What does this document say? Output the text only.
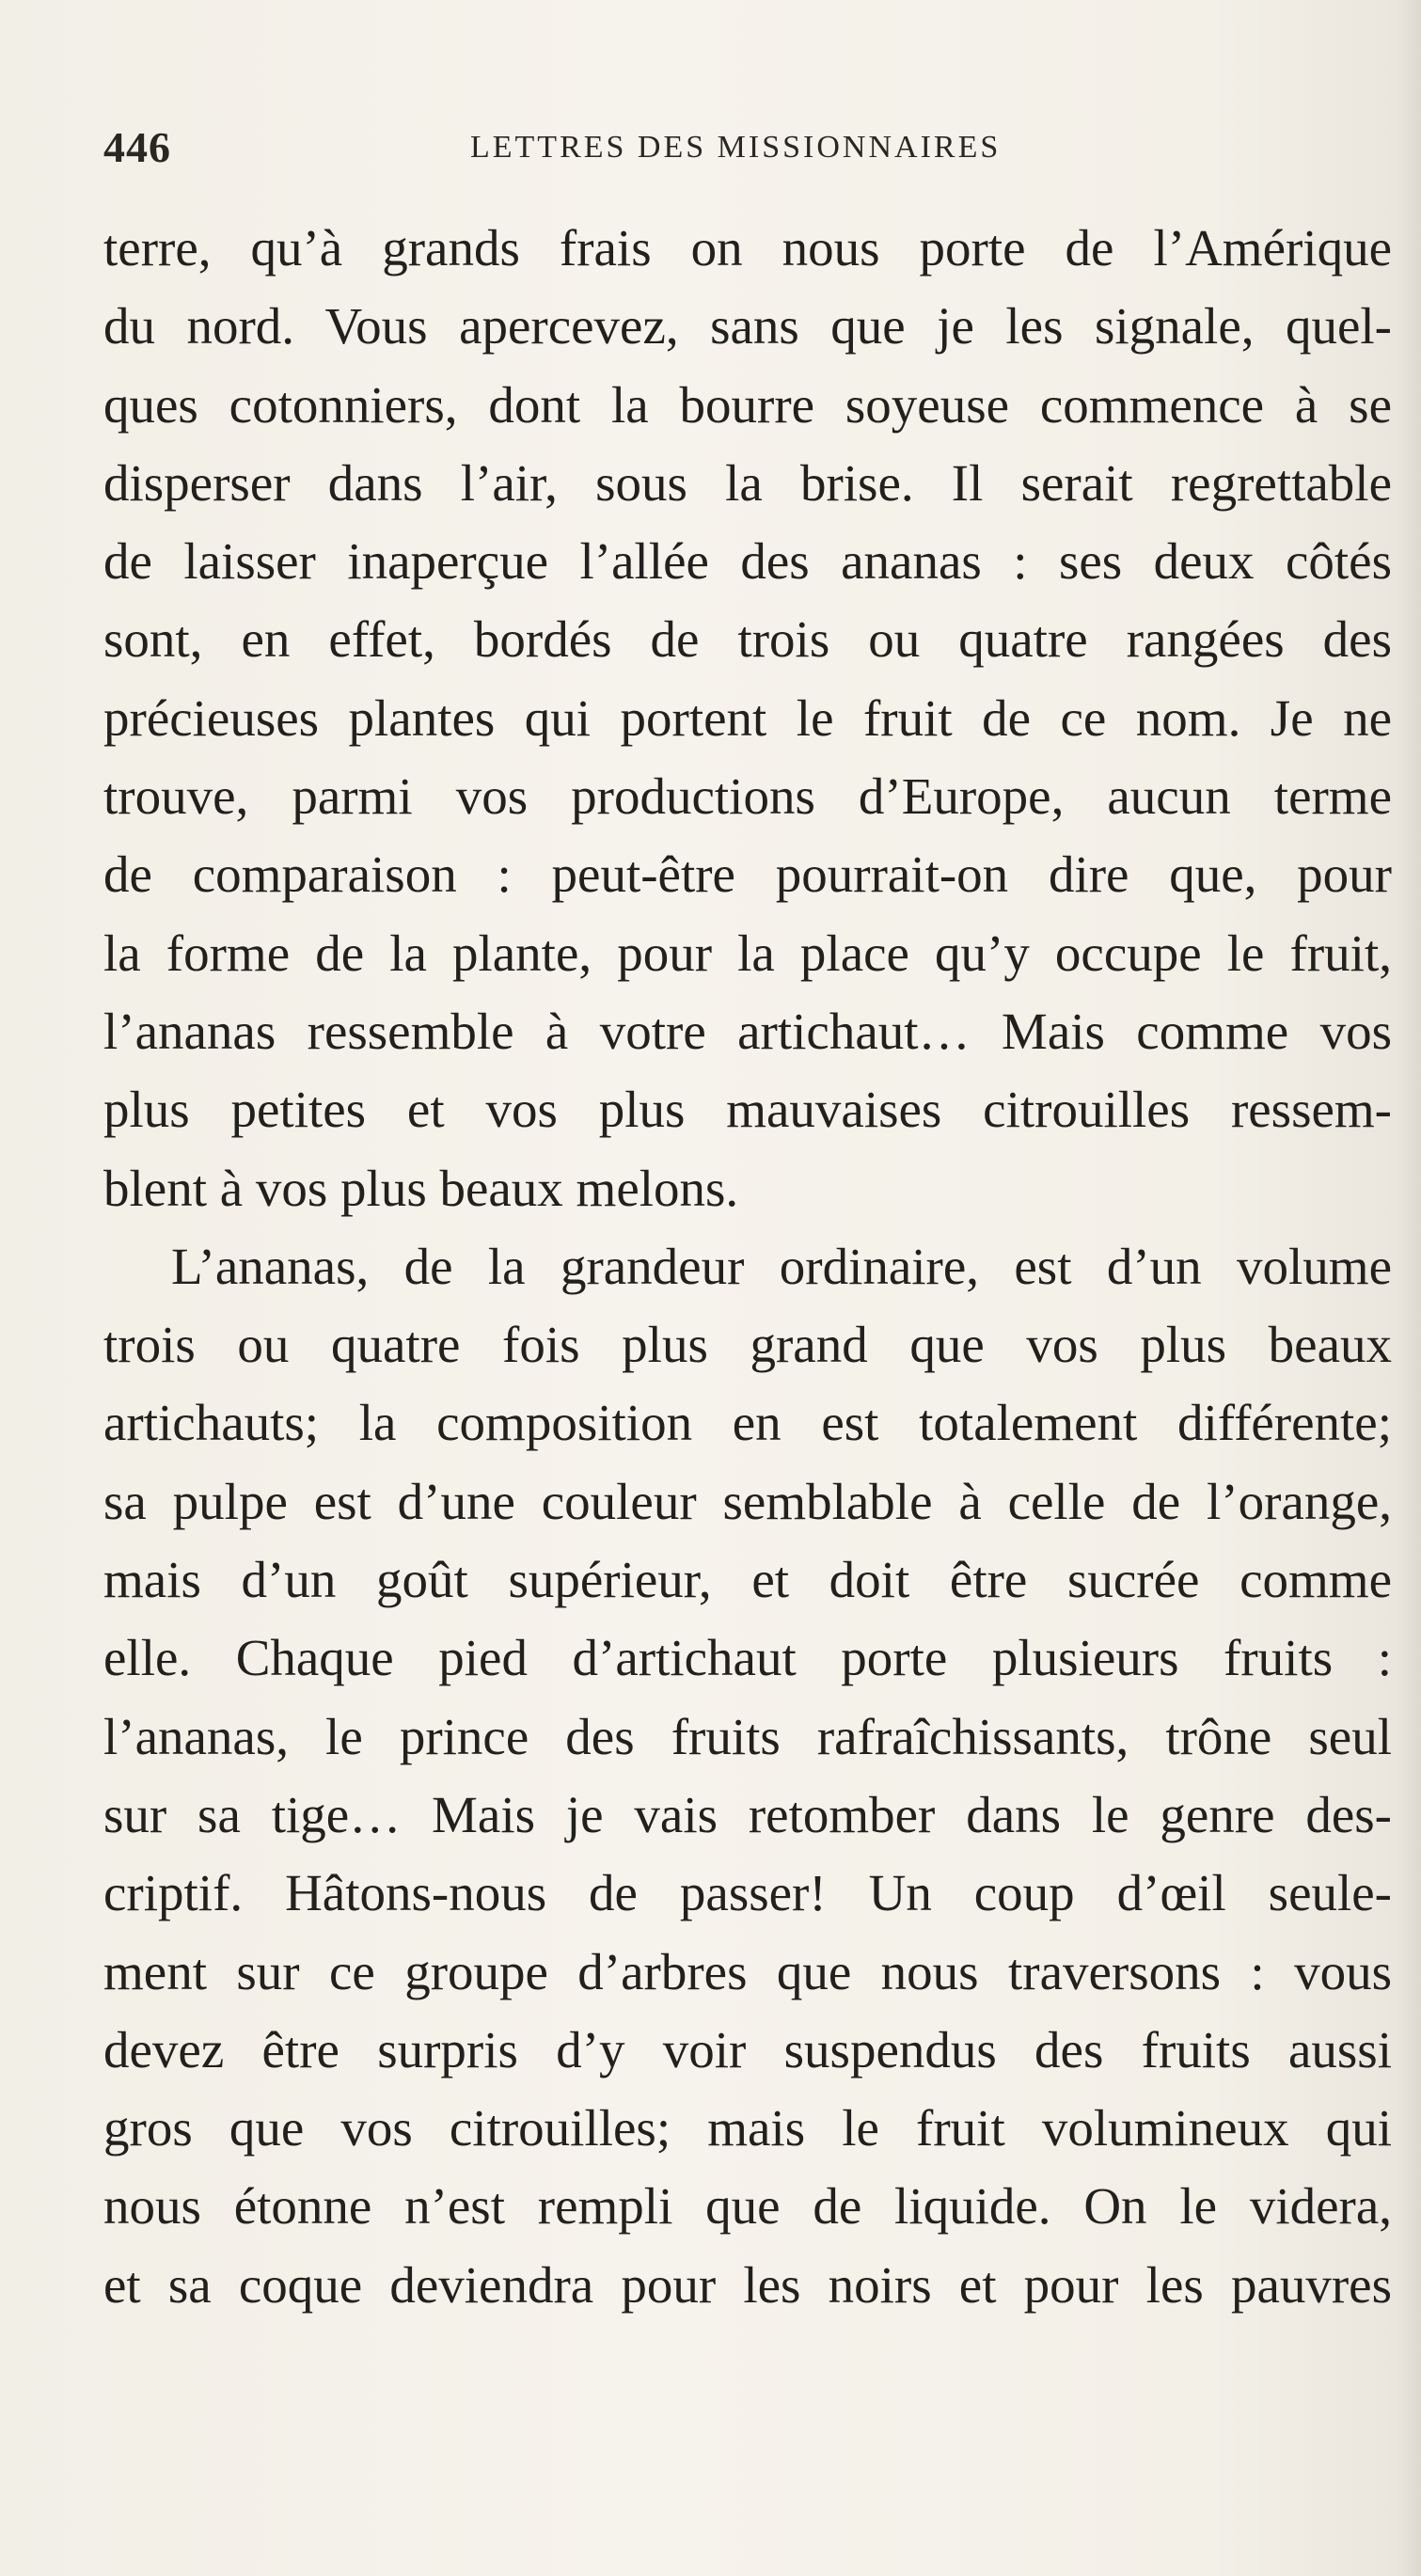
446	LETTRES DES MISSIONNAIRES
terre, qu’à grands frais on nous porte de l’Amérique
du nord. Vous apercevez, sans que je les signale, quel-
ques cotonniers, dont la bourre soyeuse commence à se
disperser dans l’air, sous la brise. Il serait regrettable
de laisser inaperçue l’allée des ananas : ses deux côtés
sont, en effet, bordés de trois ou quatre rangées des
précieuses plantes qui portent le fruit de ce nom. Je ne
trouve, parmi vos productions d’Europe, aucun terme
de comparaison : peut-être pourrait-on dire que, pour
la forme de la plante, pour la place qu’y occupe le fruit,
l’ananas ressemble à votre artichaut… Mais comme vos
plus petites et vos plus mauvaises citrouilles ressem-
blent à vos plus beaux melons.
L’ananas, de la grandeur ordinaire, est d’un volume
trois ou quatre fois plus grand que vos plus beaux
artichauts; la composition en est totalement différente;
sa pulpe est d’une couleur semblable à celle de l’orange,
mais d’un goût supérieur, et doit être sucrée comme
elle. Chaque pied d’artichaut porte plusieurs fruits :
l’ananas, le prince des fruits rafraîchissants, trône seul
sur sa tige… Mais je vais retomber dans le genre des-
criptif. Hâtons-nous de passer! Un coup d’œil seule-
ment sur ce groupe d’arbres que nous traversons : vous
devez être surpris d’y voir suspendus des fruits aussi
gros que vos citrouilles; mais le fruit volumineux qui
nous étonne n’est rempli que de liquide. On le videra,
et sa coque deviendra pour les noirs et pour les pauvres
